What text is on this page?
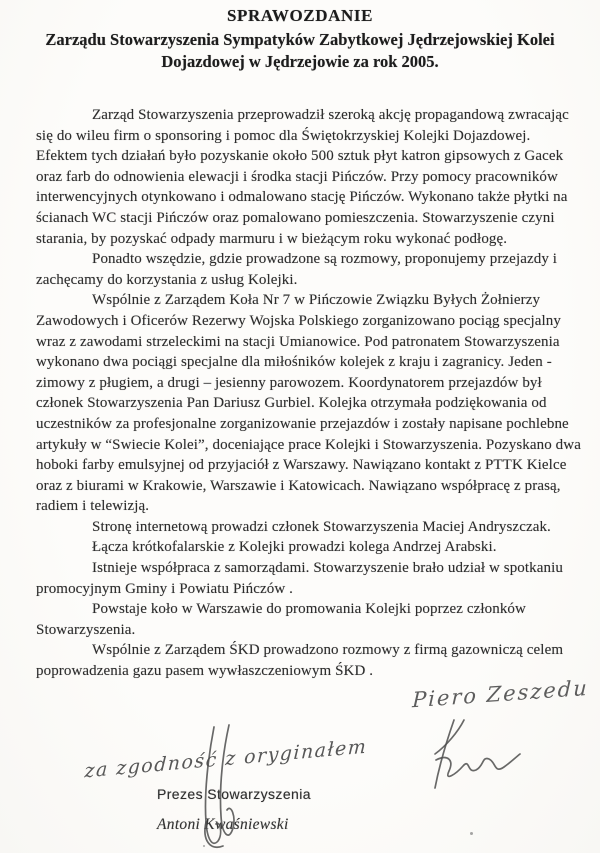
SPRAWOZDANIE
Zarządu Stowarzyszenia Sympatyków Zabytkowej Jędrzejowskiej Kolei Dojazdowej w Jędrzejowie za rok 2005.

Zarząd Stowarzyszenia przeprowadził szeroką akcję propagandową zwracając się do wileu firm o sponsoring i pomoc dla Świętokrzyskiej Kolejki Dojazdowej. Efektem tych działań było pozyskanie około 500 sztuk płyt katron gipsowych z Gacek oraz farb do odnowienia elewacji i środka stacji Pińczów. Przy pomocy pracowników interwencyjnych otynkowano i odmalowano stację Pińczów. Wykonano także płytki na ścianach WC stacji Pińczów oraz pomalowano pomieszczenia. Stowarzyszenie czyni starania, by pozyskać odpady marmuru i w bieżącym roku wykonać podłogę.

Ponadto wszędzie, gdzie prowadzone są rozmowy, proponujemy przejazdy i zachęcamy do korzystania z usług Kolejki.

Wspólnie z Zarządem Koła Nr 7 w Pińczowie Związku Byłych Żołnierzy Zawodowych i Oficerów Rezerwy Wojska Polskiego zorganizowano pociąg specjalny wraz z zawodami strzeleckimi na stacji Umianowice. Pod patronatem Stowarzyszenia wykonano dwa pociągi specjalne dla miłośników kolejek z kraju i zagranicy. Jeden - zimowy z pługiem, a drugi – jesienny parowozem. Koordynatorem przejazdów był członek Stowarzyszenia Pan Dariusz Gurbiel. Kolejka otrzymała podziękowania od uczestników za profesjonalne zorganizowanie przejazdów i zostały napisane pochlebne artykuły w “Swiecie Kolei”, doceniające prace Kolejki i Stowarzyszenia. Pozyskano dwa hoboki farby emulsyjnej od przyjaciół z Warszawy. Nawiązano kontakt z PTTK Kielce oraz z biurami w Krakowie, Warszawie i Katowicach. Nawiązano współpracę z prasą, radiem i telewizją.

Stronę internetową prowadzi członek Stowarzyszenia Maciej Andryszczak.

Łącza krótkofalarskie z Kolejki prowadzi kolega Andrzej Arabski.

Istnieje współpraca z samorządami. Stowarzyszenie brało udział w spotkaniu promocyjnym Gminy i Powiatu Pińczów .

Powstaje koło w Warszawie do promowania Kolejki poprzez członków Stowarzyszenia.

Wspólnie z Zarządem ŚKD prowadzono rozmowy z firmą gazowniczą celem poprowadzenia gazu pasem wywłaszczeniowym ŚKD .

Piero Zeszedu
za zgodność z oryginałem
Prezes Stowarzyszenia
Antoni Kwaśniewski
